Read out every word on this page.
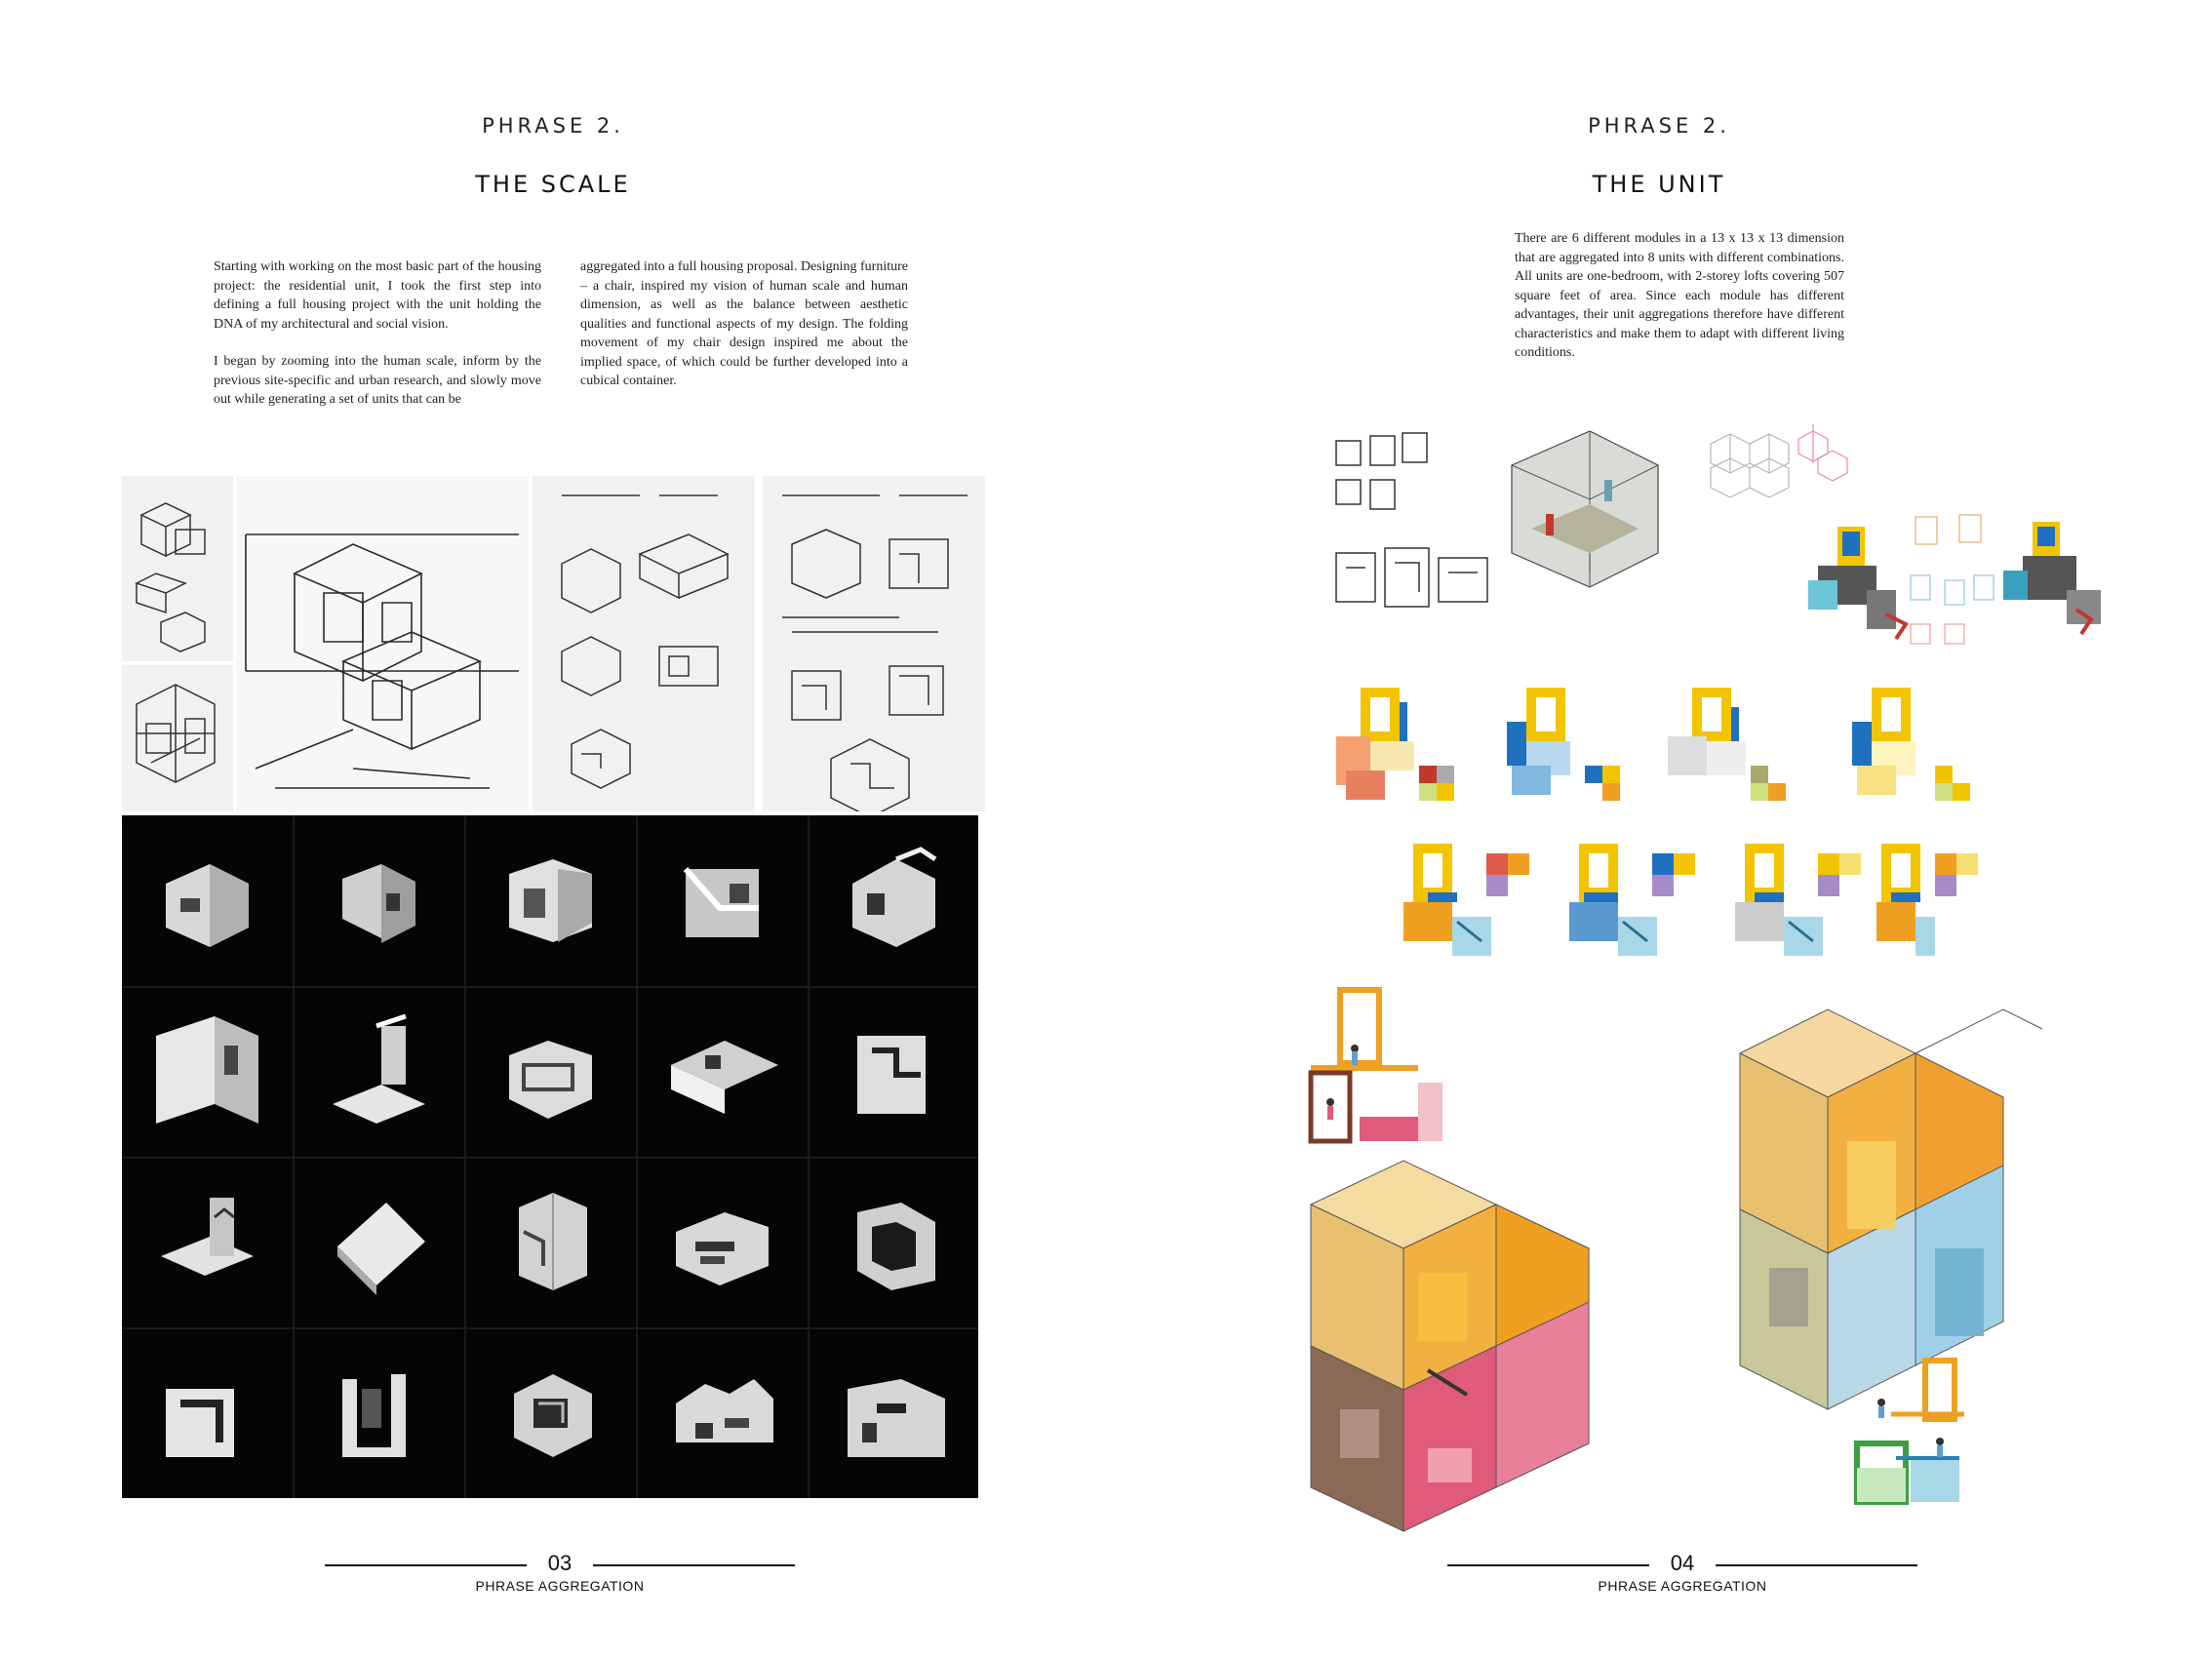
PHRASE 2.
THE SCALE

Starting with working on the most basic part of the housing project: the residential unit, I took the first step into defining a full housing project with the unit holding the DNA of my architectural and social vision.

I began by zooming into the human scale, inform by the previous site-specific and urban research, and slowly move out while generating a set of units that can be

aggregated into a full housing proposal. Designing furniture – a chair, inspired my vision of human scale and human dimension, as well as the balance between aesthetic qualities and functional aspects of my design. The folding movement of my chair design inspired me about the implied space, of which could be further developed into a cubical container.

03
PHRASE AGGREGATION
PHRASE 2.
THE UNIT
There are 6 different modules in a 13 x 13 x 13 dimension that are aggregated into 8 units with different combinations. All units are one-bedroom, with 2-storey lofts covering 507 square feet of area. Since each module has different advantages, their unit aggregations therefore have different characteristics and make them to adapt with different living conditions.
04
PHRASE AGGREGATION
